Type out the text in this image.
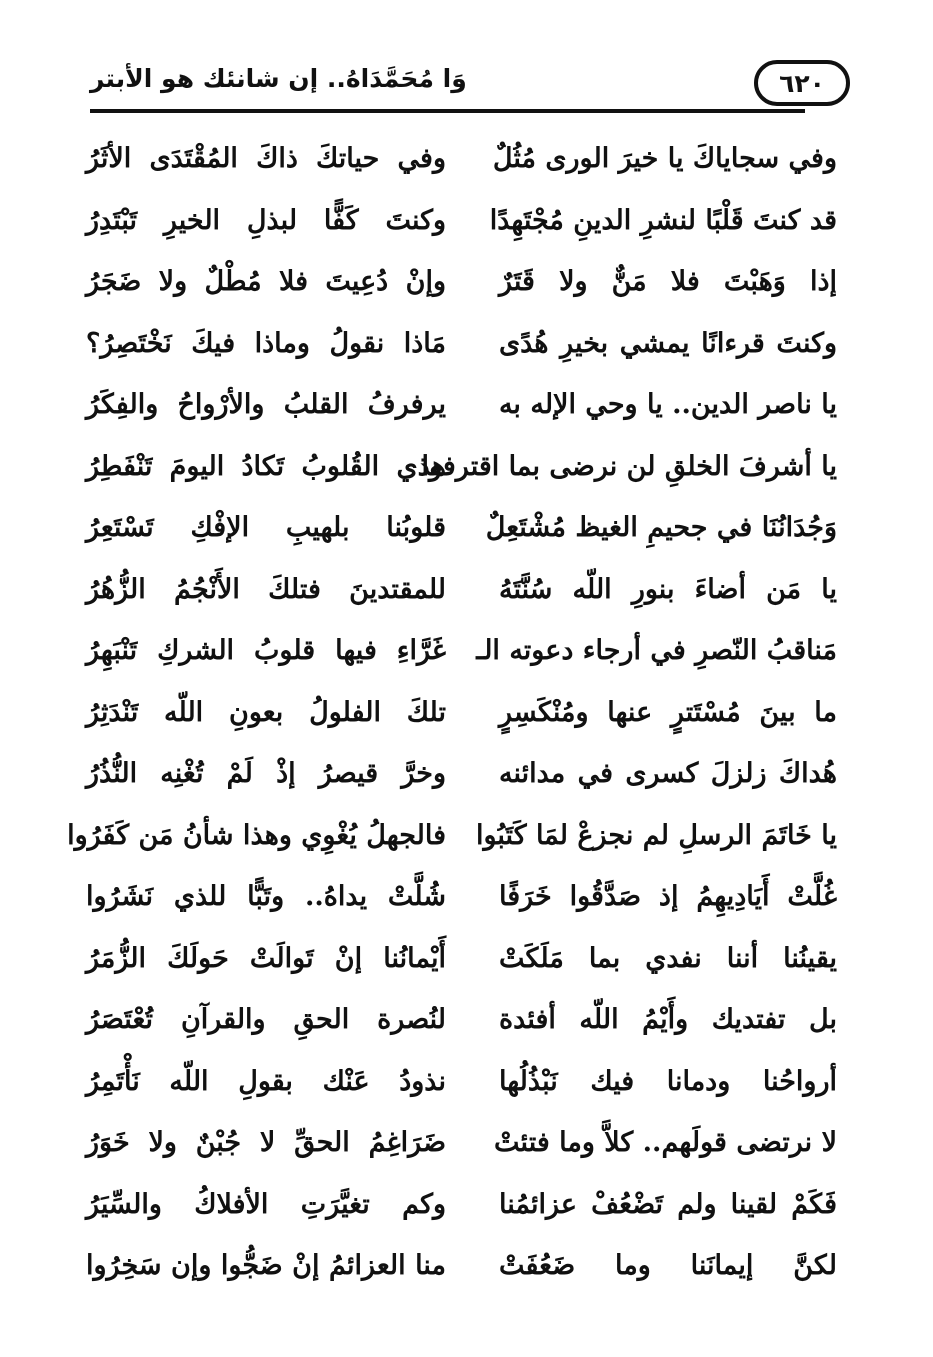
٦٢٠
وَا مُحَمَّدَاهُ.. إن شانئك هو الأبتر
وفي سجاياكَ يا خيرَ الورى مُثُلٌ
قد كنتَ قَلْبًا لنشرِ الدينِ مُجْتَهِدًا
إذا وَهَبْتَ فلا مَنٌّ ولا قَتَرٌ
وكنتَ قرءانًا يمشي بخيرِ هُدًى
يا ناصر الدين.. يا وحي الإله به
يا أشرفَ الخلقِ لن نرضى بما اقترفوا
وَجُدَانُنَا في جحيمِ الغيظ مُشْتَعِلٌ
يا مَن أضاءَ بنورِ اللّه سُنَّتَهُ
مَناقبُ النّصرِ في أرجاء دعوته الـ
ما بينَ مُسْتَترٍ عنها ومُنْكَسِرٍ
هُداكَ زلزلَ كسرى في مدائنه
يا خَاتَمَ الرسلِ لم نجزعْ لمَا كَتَبُوا
غُلَّتْ أَيَادِيهِمُ إذ صَدَّقُوا خَرَفًا
يقينُنا أننا نفدي بما مَلَكَتْ
بل تفتديك وأَيْمُ اللّه أفئدة
أرواحُنا ودمانا فيك نَبْذُلُها
لا نرتضى قولَهم.. كلاَّ وما فتئتْ
فَكَمْ لقينا ولم تَضْعُفْ عزائمُنا
لكنَّ إيمانَنا وما ضَعُفَتْ
وفي حياتكَ ذاكَ المُقْتَدَى الأثَرُ
وكنتَ كَفًّا لبذلِ الخيرِ تَبْتَدِرُ
وإنْ دُعِيتَ فلا مُطْلٌ ولا ضَجَرُ
مَاذا نقولُ وماذا فيكَ نَخْتَصِرُ؟
يرفرفُ القلبُ والأرْواحُ والفِكَرُ
هذي القُلوبُ تَكادُ اليومَ تَنْفَطِرُ
قلوبُنا بلهيبِ الإفْكِ تَسْتَعِرُ
للمقتدينَ فتلكَ الأَنْجُمُ الزُّهُرُ
غَرَّاءِ فيها قلوبُ الشركِ تَنْبَهِرُ
تلكَ الفلولُ بعونِ اللّه تَنْدَثِرُ
وخرَّ قيصرُ إذْ لَمْ تُغْنِه النُّذُرُ
فالجهلُ يُغْوِي وهذا شأنُ مَن كَفَرُوا
شُلَّتْ يداهُ.. وتَبًّا للذي نَشَرُوا
أَيْمانُنا إنْ تَوالَتْ حَولَكَ الزُّمَرُ
لنُصرة الحقِ والقرآنِ تُعْتَصَرُ
نذودُ عَنْك بقولِ اللّه نَأْتَمِرُ
ضَرَاغِمُ الحقِّ لا جُبْنٌ ولا خَوَرُ
وكم تغيَّرَتِ الأفلاكُ والسِّيَرُ
منا العزائمُ إنْ ضَجُّوا وإن سَخِرُوا
